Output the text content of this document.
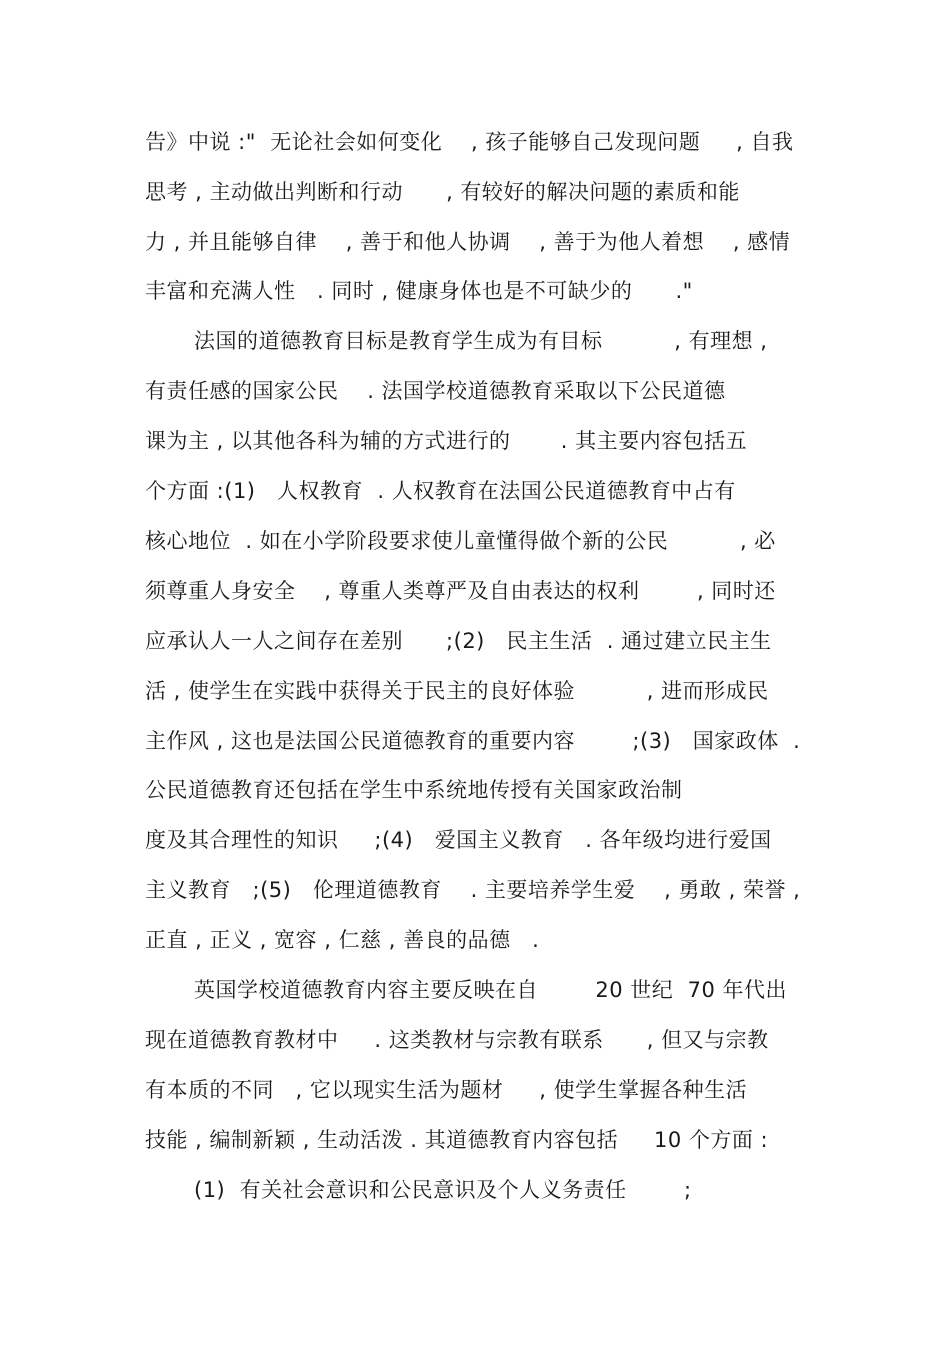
告》中说 :"  无论社会如何变化    , 孩子能够自己发现问题     , 自我
思考 , 主动做出判断和行动      , 有较好的解决问题的素质和能
力 , 并且能够自律    , 善于和他人协调    , 善于为他人着想    , 感情
丰富和充满人性   . 同时 , 健康身体也是不可缺少的      ."
法国的道德教育目标是教育学生成为有目标          , 有理想 ,
有责任感的国家公民    . 法国学校道德教育采取以下公民道德
课为主 , 以其他各科为辅的方式进行的       . 其主要内容包括五
个方面 :(1)   人权教育  . 人权教育在法国公民道德教育中占有
核心地位  . 如在小学阶段要求使儿童懂得做个新的公民          , 必
须尊重人身安全    , 尊重人类尊严及自由表达的权利        , 同时还
应承认人一人之间存在差别      ;(2)   民主生活  . 通过建立民主生
活 , 使学生在实践中获得关于民主的良好体验          , 进而形成民
主作风 , 这也是法国公民道德教育的重要内容        ;(3)   国家政体  .
公民道德教育还包括在学生中系统地传授有关国家政治制
度及其合理性的知识     ;(4)   爱国主义教育   . 各年级均进行爱国
主义教育   ;(5)   伦理道德教育    . 主要培养学生爱    , 勇敢 , 荣誉 ,
正直 , 正义 , 宽容 , 仁慈 , 善良的品德   .
英国学校道德教育内容主要反映在自        20 世纪  70 年代出
现在道德教育教材中     . 这类教材与宗教有联系      , 但又与宗教
有本质的不同   , 它以现实生活为题材     , 使学生掌握各种生活
技能 , 编制新颖 , 生动活泼 . 其道德教育内容包括     10 个方面 :
(1)  有关社会意识和公民意识及个人义务责任        ;
